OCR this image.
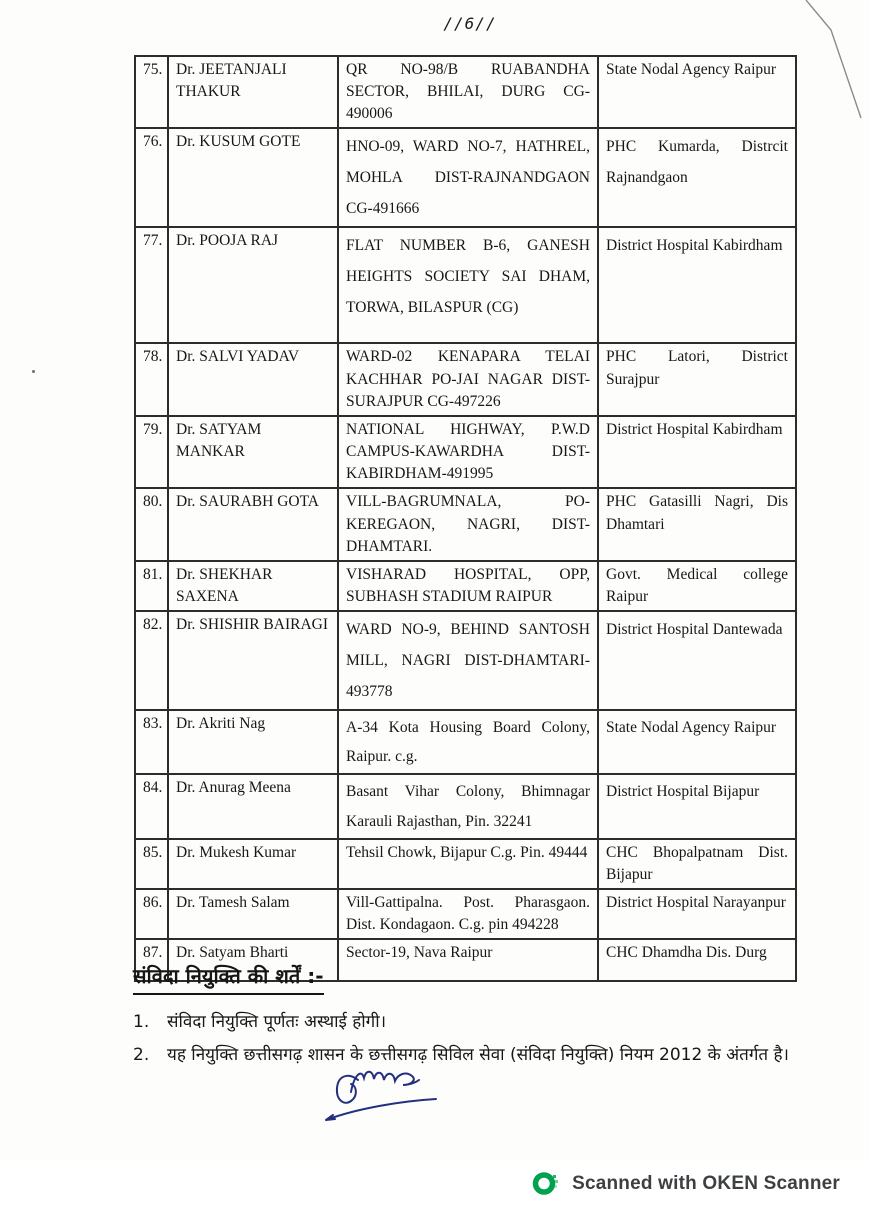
//6//
75.	Dr. JEETANJALI THAKUR	QR NO-98/B RUABANDHA SECTOR, BHILAI, DURG CG-490006	State Nodal Agency Raipur
76.	Dr. KUSUM GOTE	HNO-09, WARD NO-7, HATHREL, MOHLA DIST-RAJNANDGAON CG-491666	PHC Kumarda, Distrcit Rajnandgaon
77.	Dr. POOJA RAJ	FLAT NUMBER B-6, GANESH HEIGHTS SOCIETY SAI DHAM, TORWA, BILASPUR (CG)	District Hospital Kabirdham
78.	Dr. SALVI YADAV	WARD-02 KENAPARA TELAI KACHHAR PO-JAI NAGAR DIST-SURAJPUR CG-497226	PHC Latori, District Surajpur
79.	Dr. SATYAM MANKAR	NATIONAL HIGHWAY, P.W.D CAMPUS-KAWARDHA DIST-KABIRDHAM-491995	District Hospital Kabirdham
80.	Dr. SAURABH GOTA	VILL-BAGRUMNALA, PO-KEREGAON, NAGRI, DIST-DHAMTARI.	PHC Gatasilli Nagri, Dis Dhamtari
81.	Dr. SHEKHAR SAXENA	VISHARAD HOSPITAL, OPP, SUBHASH STADIUM RAIPUR	Govt. Medical college Raipur
82.	Dr. SHISHIR BAIRAGI	WARD NO-9, BEHIND SANTOSH MILL, NAGRI DIST-DHAMTARI-493778	District Hospital Dantewada
83.	Dr. Akriti Nag	A-34 Kota Housing Board Colony, Raipur. c.g.	State Nodal Agency Raipur
84.	Dr. Anurag Meena	Basant Vihar Colony, Bhimnagar Karauli Rajasthan, Pin. 32241	District Hospital Bijapur
85.	Dr. Mukesh Kumar	Tehsil Chowk, Bijapur C.g. Pin. 49444	CHC Bhopalpatnam Dist. Bijapur
86.	Dr. Tamesh Salam	Vill-Gattipalna. Post. Pharasgaon. Dist. Kondagaon. C.g. pin 494228	District Hospital Narayanpur
87.	Dr. Satyam Bharti	Sector-19, Nava Raipur	CHC Dhamdha Dis. Durg
संविदा नियुक्ति की शर्तें :-
1.	संविदा नियुक्ति पूर्णतः अस्थाई होगी।
2.	यह नियुक्ति छत्तीसगढ़ शासन के छत्तीसगढ़ सिविल सेवा (संविदा नियुक्ति) नियम 2012 के अंतर्गत है।
Scanned with OKEN Scanner
